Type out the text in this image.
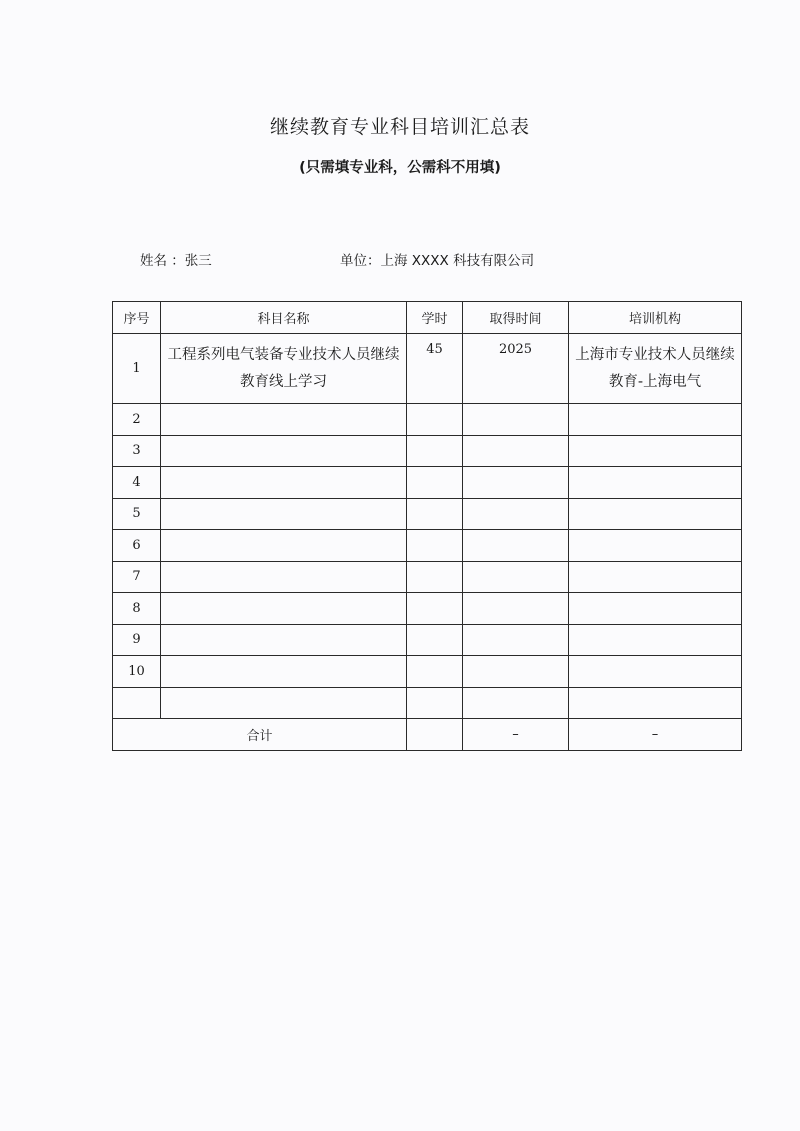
继续教育专业科目培训汇总表
(只需填专业科，公需科不用填)
姓名 ：张三	单位：上海 XXXX 科技有限公司
序号	科目名称	学时	取得时间	培训机构
1	工程系列电气装备专业技术人员继续教育线上学习	45	2025	上海市专业技术人员继续教育-上海电气
2				
3				
4				
5				
6				
7				
8				
9				
10				

合计			–	–
